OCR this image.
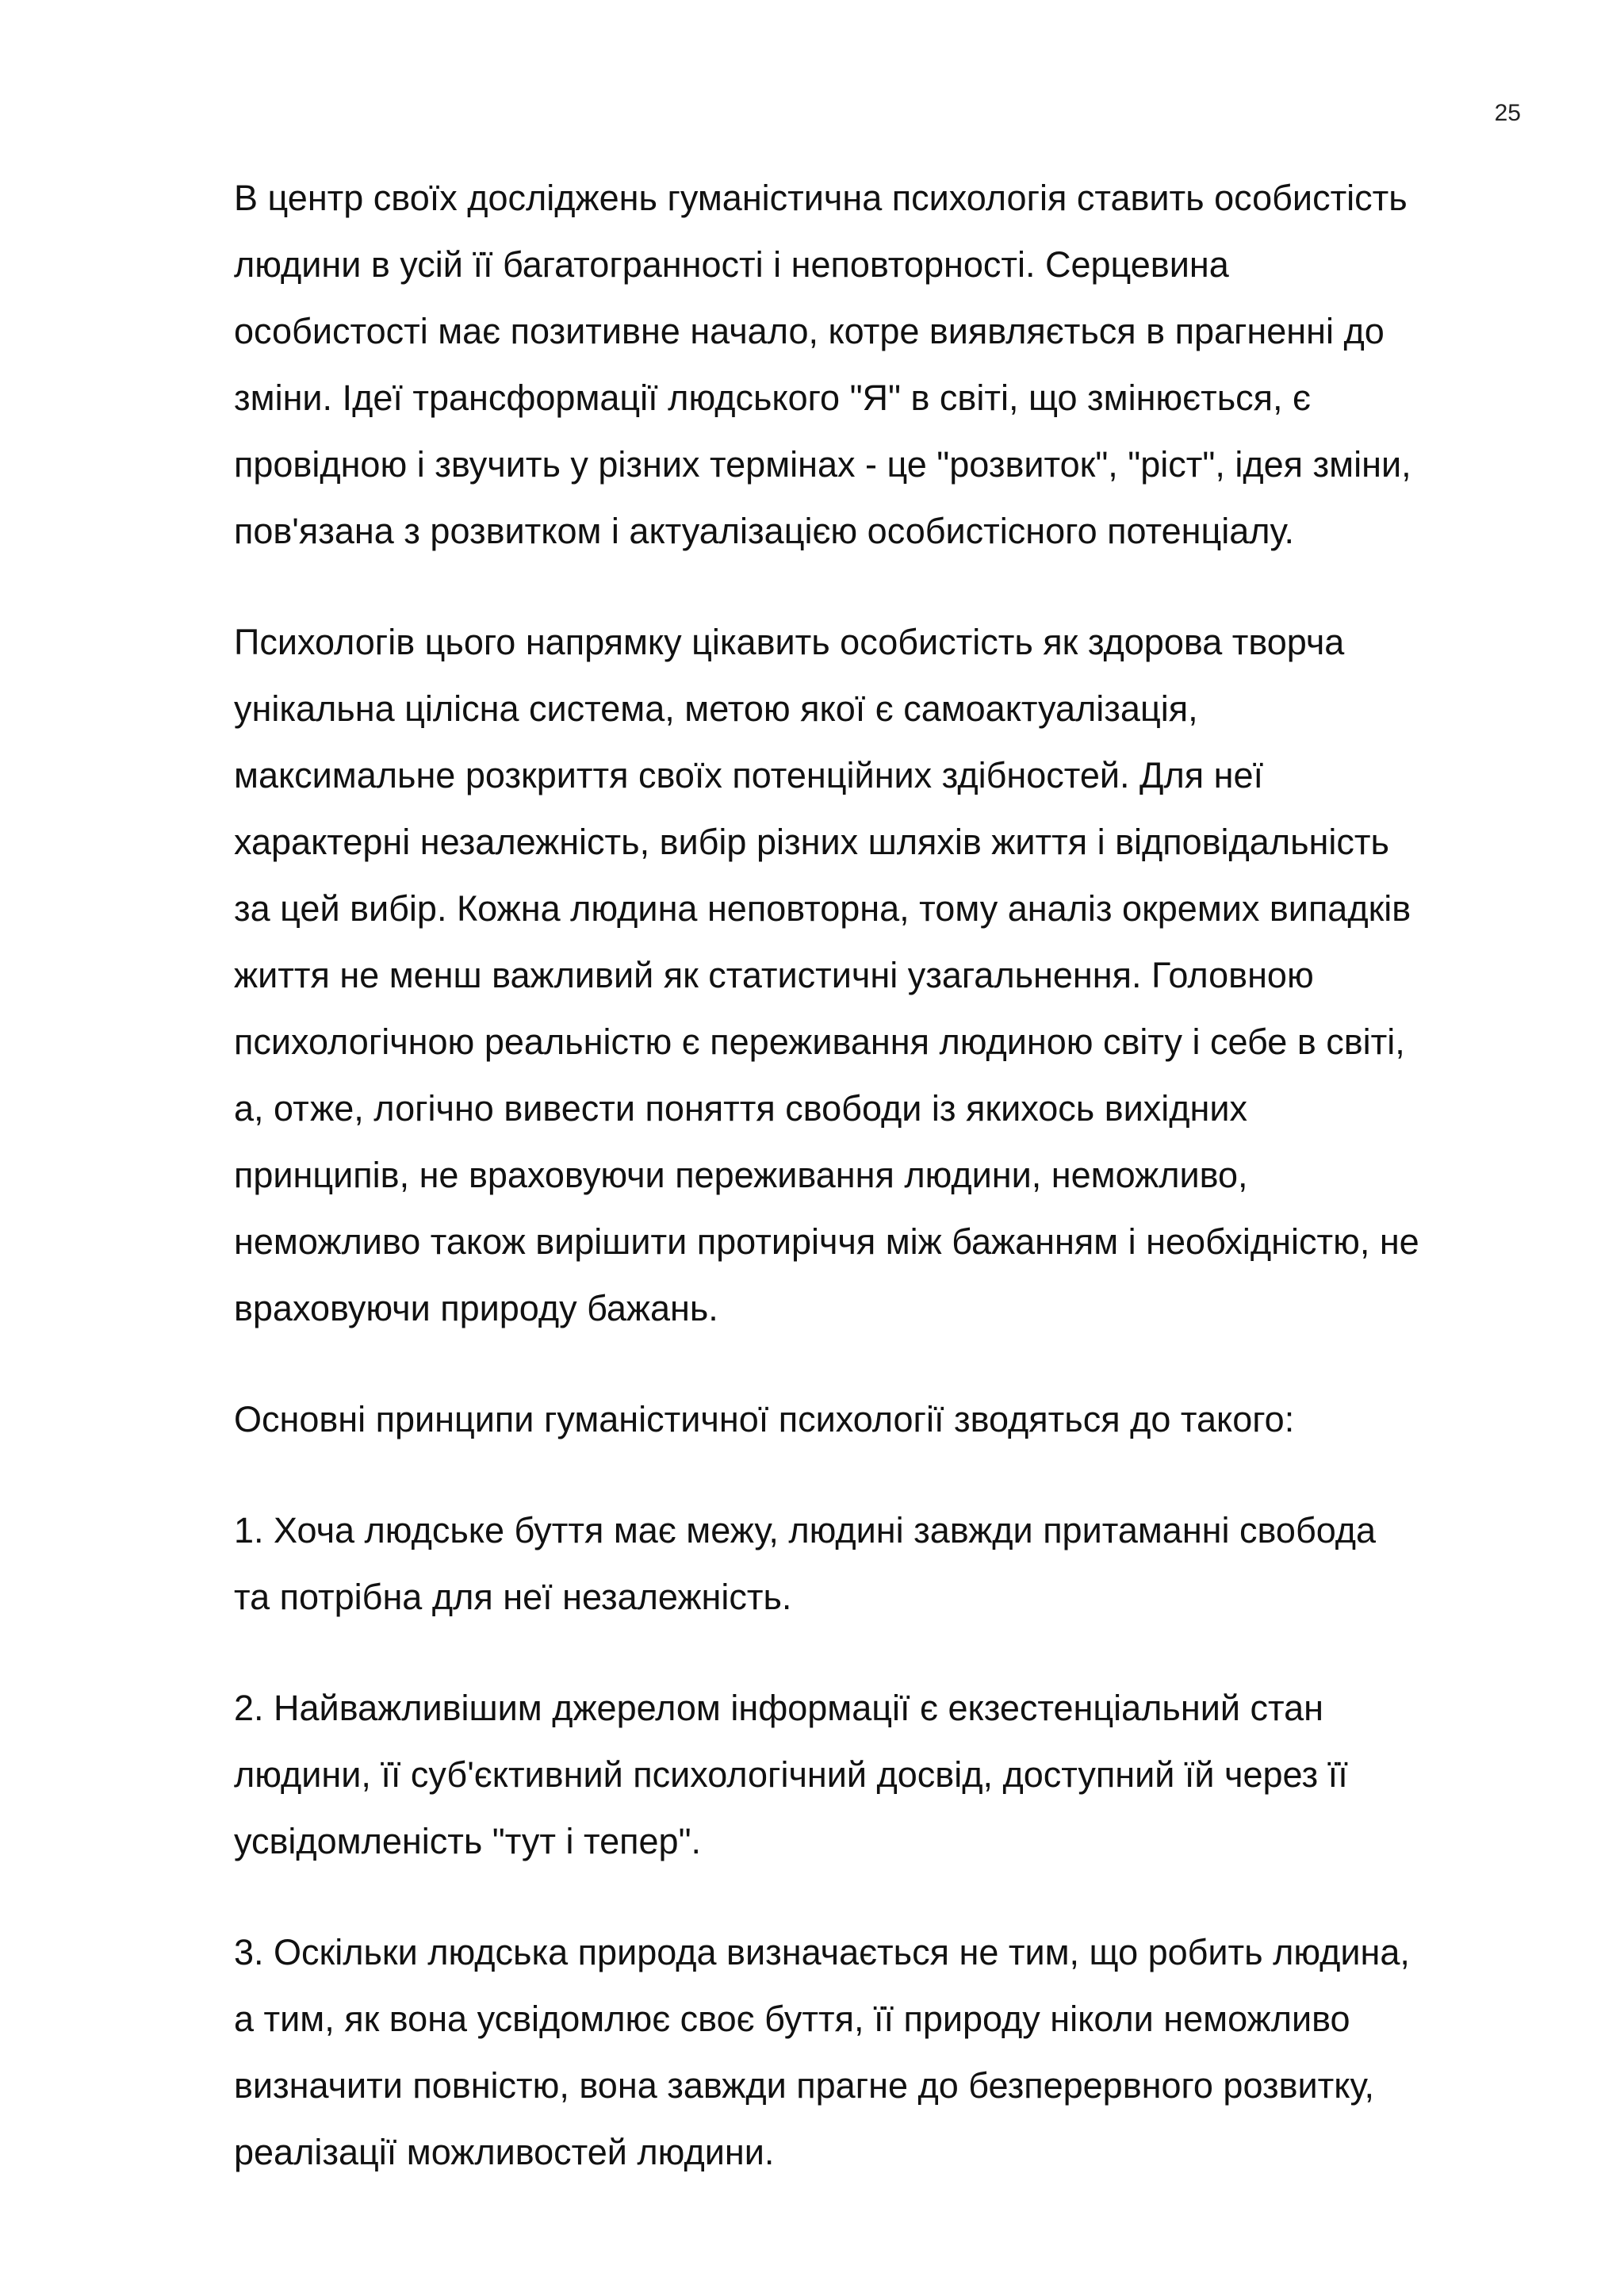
25

В центр своїх досліджень гуманістична психологія ставить особистість
людини в усій її багатогранності і неповторності. Серцевина
особистості має позитивне начало, котре виявляється в прагненні до
зміни. Ідеї трансформації людського "Я" в світі, що змінюється, є
провідною і звучить у різних термінах - це "розвиток", "ріст", ідея зміни,
пов'язана з розвитком і актуалізацією особистісного потенціалу.

Психологів цього напрямку цікавить особистість як здорова творча
унікальна цілісна система, метою якої є самоактуалізація,
максимальне розкриття своїх потенційних здібностей. Для неї
характерні незалежність, вибір різних шляхів життя і відповідальність
за цей вибір. Кожна людина неповторна, тому аналіз окремих випадків
життя не менш важливий як статистичні узагальнення. Головною
психологічною реальністю є переживання людиною світу і себе в світі,
а, отже, логічно вивести поняття свободи із якихось вихідних
принципів, не враховуючи переживання людини, неможливо,
неможливо також вирішити протиріччя між бажанням і необхідністю, не
враховуючи природу бажань.

Основні принципи гуманістичної психології зводяться до такого:

1. Хоча людське буття має межу, людині завжди притаманні свобода
та потрібна для неї незалежність.

2. Найважливішим джерелом інформації є екзестенціальний стан
людини, її суб'єктивний психологічний досвід, доступний їй через її
усвідомленість "тут і тепер".

3. Оскільки людська природа визначається не тим, що робить людина,
а тим, як вона усвідомлює своє буття, її природу ніколи неможливо
визначити повністю, вона завжди прагне до безперервного розвитку,
реалізації можливостей людини.
